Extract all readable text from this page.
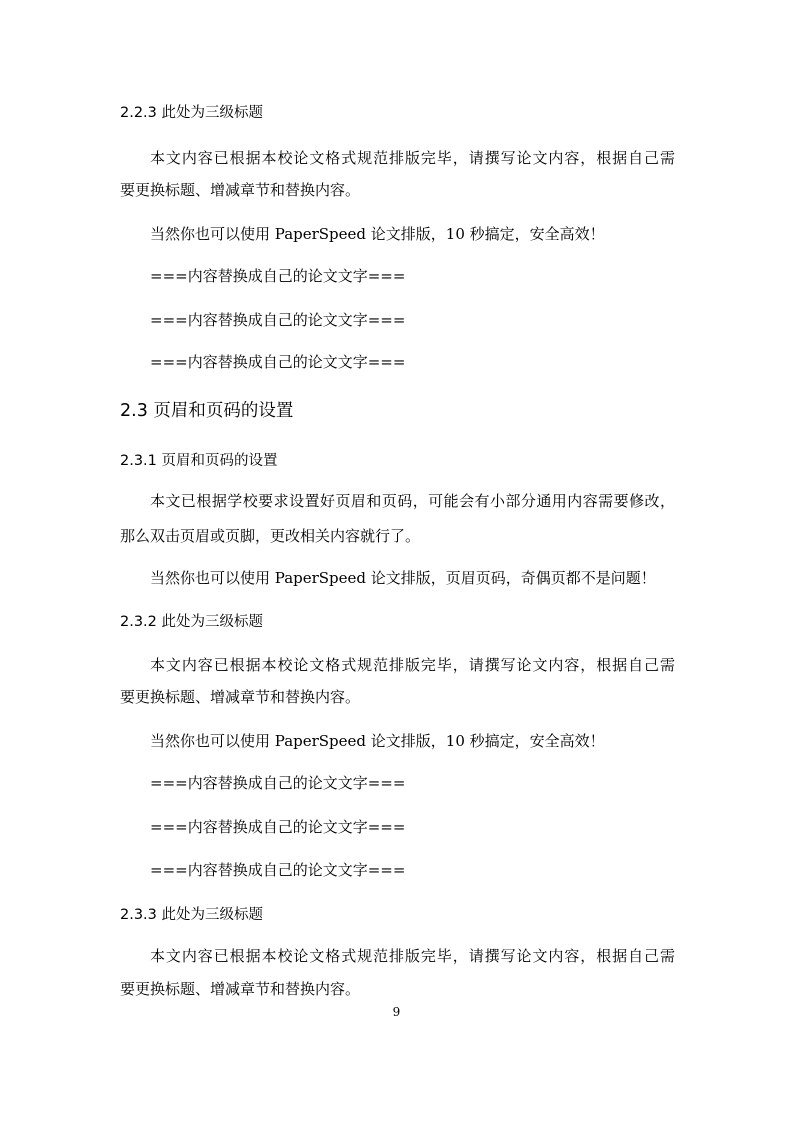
2.2.3 此处为三级标题
本文内容已根据本校论文格式规范排版完毕，请撰写论文内容，根据自己需
要更换标题、增减章节和替换内容。
当然你也可以使用 PaperSpeed 论文排版，10 秒搞定，安全高效！
===内容替换成自己的论文文字===
===内容替换成自己的论文文字===
===内容替换成自己的论文文字===
2.3 页眉和页码的设置
2.3.1 页眉和页码的设置
本文已根据学校要求设置好页眉和页码，可能会有小部分通用内容需要修改，
那么双击页眉或页脚，更改相关内容就行了。
当然你也可以使用 PaperSpeed 论文排版，页眉页码，奇偶页都不是问题！
2.3.2 此处为三级标题
本文内容已根据本校论文格式规范排版完毕，请撰写论文内容，根据自己需
要更换标题、增减章节和替换内容。
当然你也可以使用 PaperSpeed 论文排版，10 秒搞定，安全高效！
===内容替换成自己的论文文字===
===内容替换成自己的论文文字===
===内容替换成自己的论文文字===
2.3.3 此处为三级标题
本文内容已根据本校论文格式规范排版完毕，请撰写论文内容，根据自己需
要更换标题、增减章节和替换内容。
9
